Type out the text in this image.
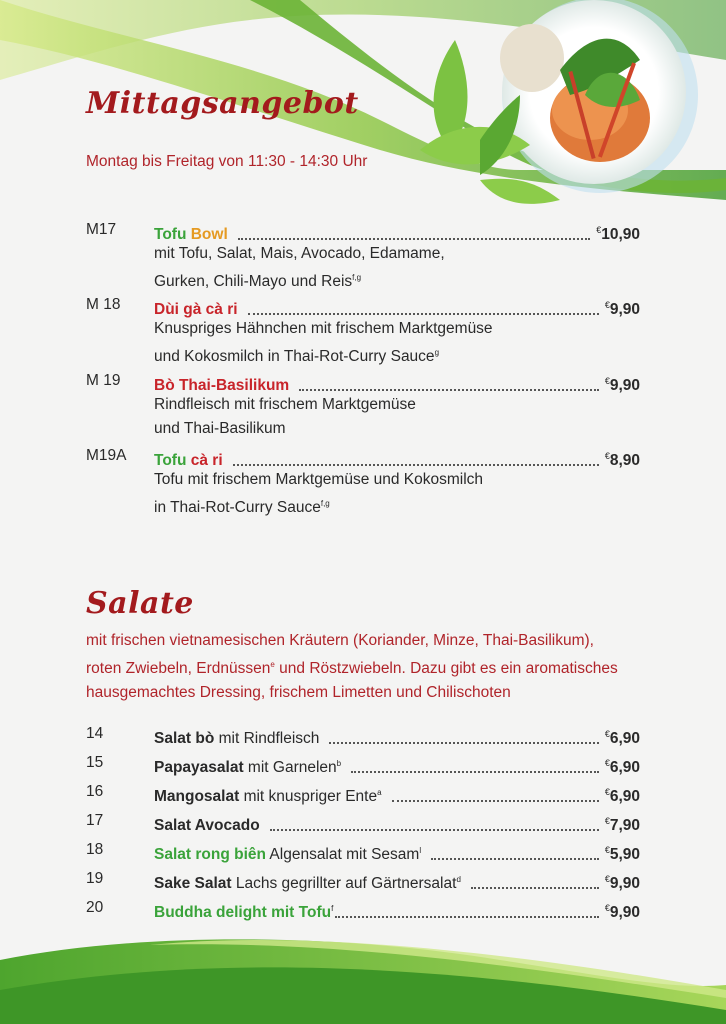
Mittagsangebot
Montag bis Freitag von 11:30 - 14:30 Uhr
M17 Tofu Bowl	€10,90
mit Tofu, Salat, Mais, Avocado, Edamame,
Gurken, Chili-Mayo und Reis$^{f,g}$
M 18 Dùi gà cà ri	€9,90
Knuspriges Hähnchen mit frischem Marktgemüse
und Kokosmilch in Thai-Rot-Curry Sauce$^g$
M 19 Bò Thai-Basilikum	€9,90
Rindfleisch mit frischem Marktgemüse
und Thai-Basilikum
M19A Tofu cà ri	€8,90
Tofu mit frischem Marktgemüse und Kokosmilch
in Thai-Rot-Curry Sauce$^{f,g}$
Salate
mit frischen vietnamesischen Kräutern (Koriander, Minze, Thai-Basilikum),
roten Zwiebeln, Erdnüssen$^e$ und Röstzwiebeln. Dazu gibt es ein aromatisches
hausgemachtes Dressing, frischem Limetten und Chilischoten
14	Salat bò mit Rindfleisch	€6,90
15	Papayasalat mit Garnelen$^b$	€6,90
16	Mangosalat mit knuspriger Ente$^a$	€6,90
17	Salat Avocado	€7,90
18	Salat rong biên Algensalat mit Sesam$^l$	€5,90
19	Sake Salat Lachs gegrillter auf Gärtnersalat$^d$	€9,90
20	Buddha delight mit Tofu$^f$	€9,90
